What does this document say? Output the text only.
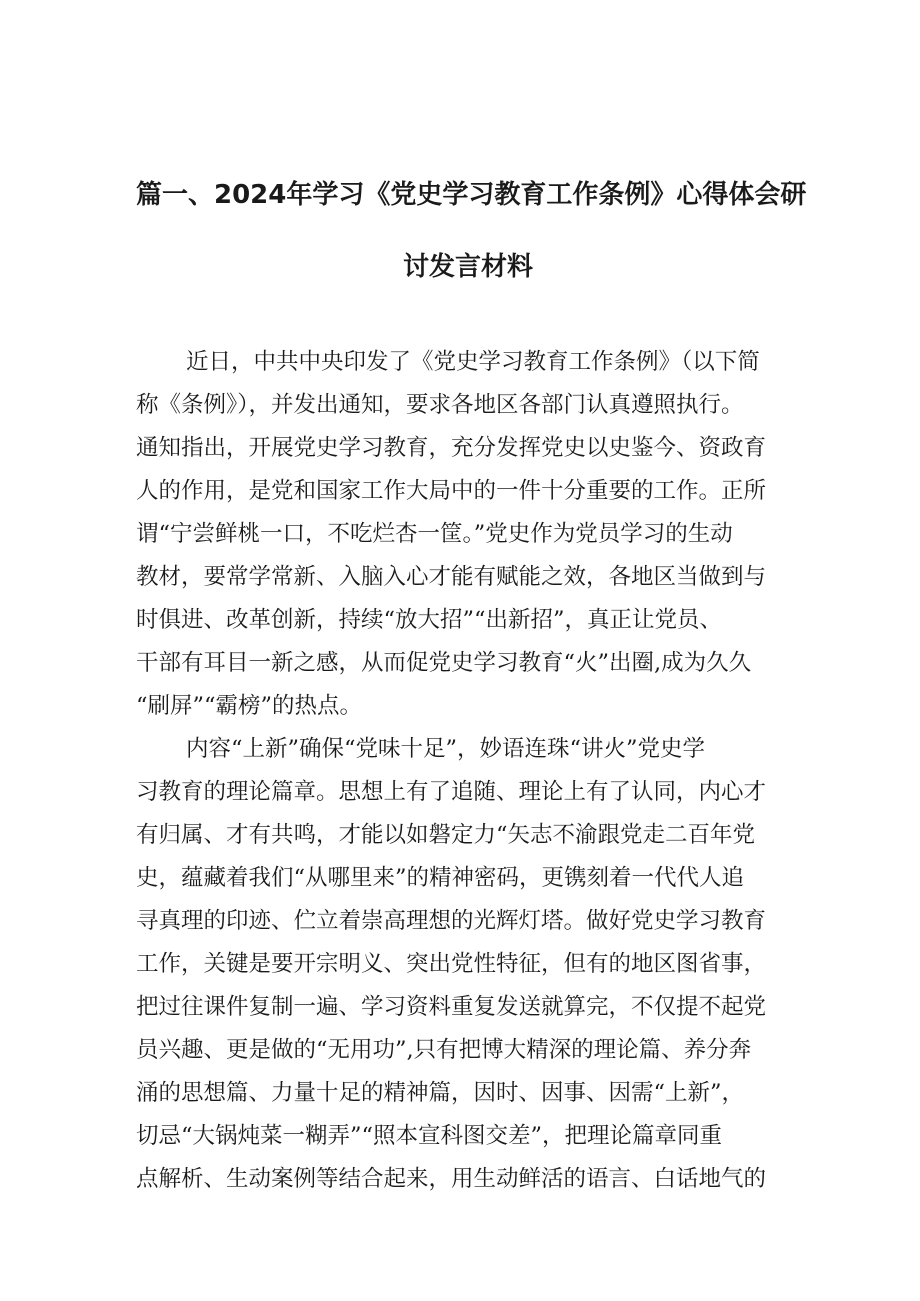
篇一、2024年学习《党史学习教育工作条例》心得体会研
讨发言材料
近日，中共中央印发了《党史学习教育工作条例》（以下简
称《条例》），并发出通知，要求各地区各部门认真遵照执行。
通知指出，开展党史学习教育，充分发挥党史以史鉴今、资政育
人的作用，是党和国家工作大局中的一件十分重要的工作。正所
谓“宁尝鲜桃一口，不吃烂杏一筐。”党史作为党员学习的生动
教材，要常学常新、入脑入心才能有赋能之效，各地区当做到与
时俱进、改革创新，持续“放大招”“出新招”，真正让党员、
干部有耳目一新之感，从而促党史学习教育“火”出圈,成为久久
“刷屏”“霸榜”的热点。
内容“上新”确保“党味十足”，妙语连珠“讲火”党史学
习教育的理论篇章。思想上有了追随、理论上有了认同，内心才
有归属、才有共鸣，才能以如磐定力“矢志不渝跟党走二百年党
史，蕴藏着我们“从哪里来”的精神密码，更镌刻着一代代人追
寻真理的印迹、伫立着崇高理想的光辉灯塔。做好党史学习教育
工作，关键是要开宗明义、突出党性特征，但有的地区图省事，
把过往课件复制一遍、学习资料重复发送就算完，不仅提不起党
员兴趣、更是做的“无用功”,只有把博大精深的理论篇、养分奔
涌的思想篇、力量十足的精神篇，因时、因事、因需“上新”，
切忌“大锅炖菜一糊弄”“照本宣科图交差”，把理论篇章同重
点解析、生动案例等结合起来，用生动鲜活的语言、白话地气的
